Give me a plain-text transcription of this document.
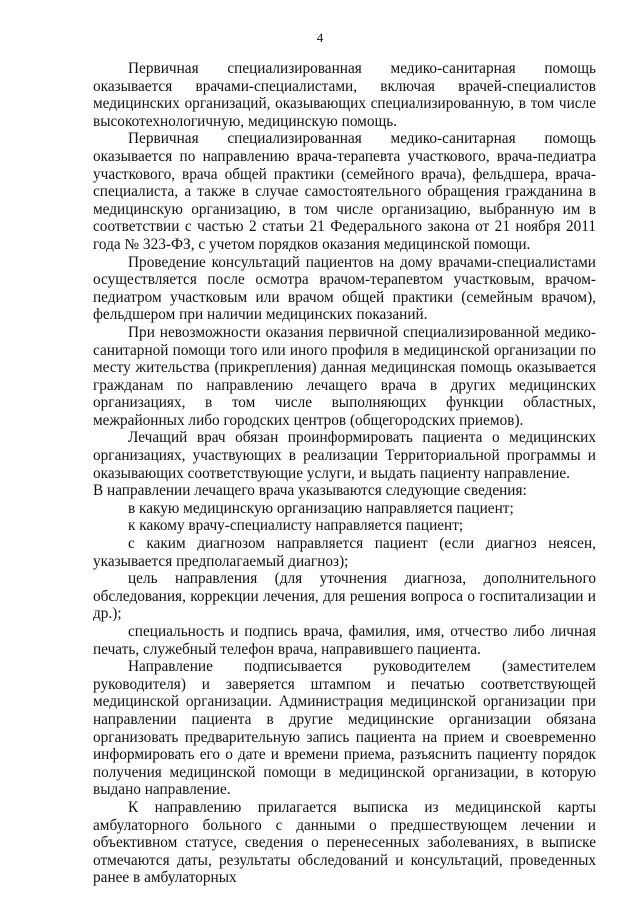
4

Первичная специализированная медико-санитарная помощь оказывается врачами-специалистами, включая врачей-специалистов медицинских организаций, оказывающих специализированную, в том числе высокотехнологичную, медицинскую помощь.

Первичная специализированная медико-санитарная помощь оказывается по направлению врача-терапевта участкового, врача-педиатра участкового, врача общей практики (семейного врача), фельдшера, врача-специалиста, а также в случае самостоятельного обращения гражданина в медицинскую организацию, в том числе организацию, выбранную им в соответствии с частью 2 статьи 21 Федерального закона от 21 ноября 2011 года № 323-ФЗ, с учетом порядков оказания медицинской помощи.

Проведение консультаций пациентов на дому врачами-специалистами осуществляется после осмотра врачом-терапевтом участковым, врачом-педиатром участковым или врачом общей практики (семейным врачом), фельдшером при наличии медицинских показаний.

При невозможности оказания первичной специализированной медико-санитарной помощи того или иного профиля в медицинской организации по месту жительства (прикрепления) данная медицинская помощь оказывается гражданам по направлению лечащего врача в других медицинских организациях, в том числе выполняющих функции областных, межрайонных либо городских центров (общегородских приемов).

Лечащий врач обязан проинформировать пациента о медицинских организациях, участвующих в реализации Территориальной программы и оказывающих соответствующие услуги, и выдать пациенту направление.

В направлении лечащего врача указываются следующие сведения:

в какую медицинскую организацию направляется пациент;

к какому врачу-специалисту направляется пациент;

с каким диагнозом направляется пациент (если диагноз неясен, указывается предполагаемый диагноз);

цель направления (для уточнения диагноза, дополнительного обследования, коррекции лечения, для решения вопроса о госпитализации и др.);

специальность и подпись врача, фамилия, имя, отчество либо личная печать, служебный телефон врача, направившего пациента.

Направление подписывается руководителем (заместителем руководителя) и заверяется штампом и печатью соответствующей медицинской организации. Администрация медицинской организации при направлении пациента в другие медицинские организации обязана организовать предварительную запись пациента на прием и своевременно информировать его о дате и времени приема, разъяснить пациенту порядок получения медицинской помощи в медицинской организации, в которую выдано направление.

К направлению прилагается выписка из медицинской карты амбулаторного больного с данными о предшествующем лечении и объективном статусе, сведения о перенесенных заболеваниях, в выписке отмечаются даты, результаты обследований и консультаций, проведенных ранее в амбулаторных
